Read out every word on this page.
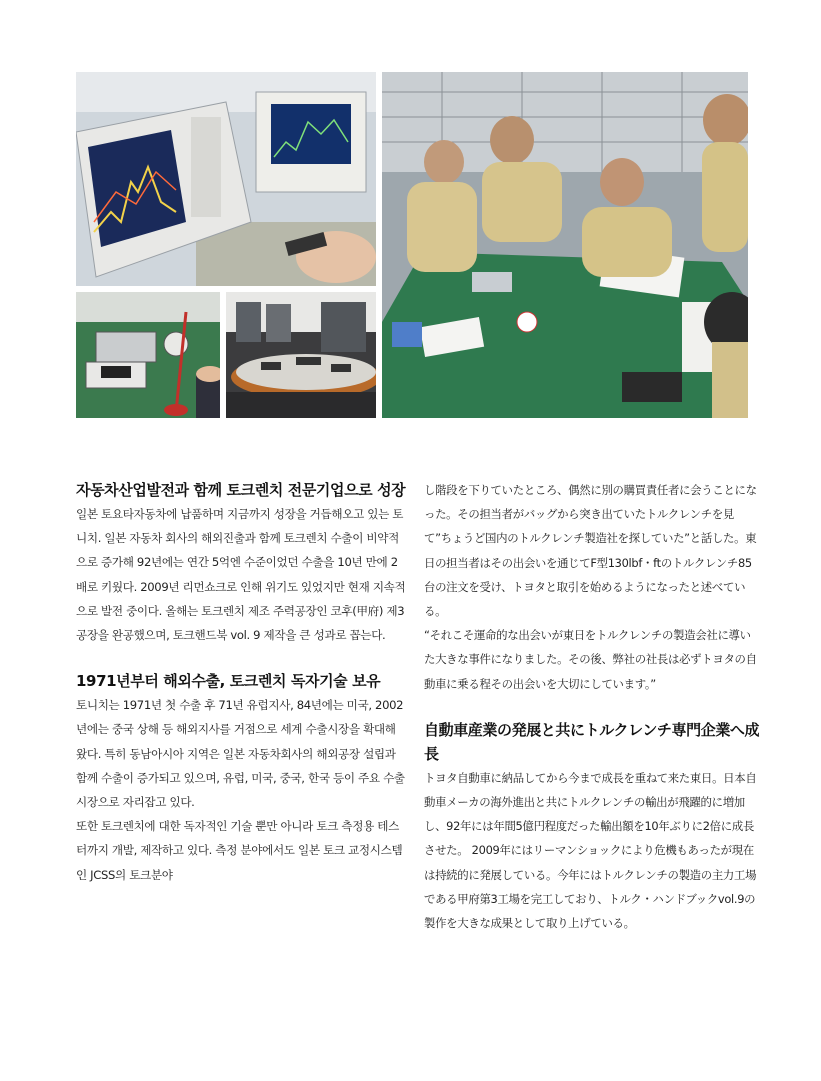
자동차산업발전과 함께 토크렌치 전문기업으로 성장

일본 토요타자동차에 납품하며 지금까지 성장을 거듭해오고 있는 토니치. 일본 자동차 회사의 해외진출과 함께 토크렌치 수출이 비약적으로 증가해 92년에는 연간 5억엔 수준이었던 수출을 10년 만에 2배로 키웠다. 2009년 리먼쇼크로 인해 위기도 있었지만 현재 지속적으로 발전 중이다. 올해는 토크렌치 제조 주력공장인 코후(甲府) 제3공장을 완공했으며, 토크핸드북 vol. 9 제작을 큰 성과로 꼽는다.

1971년부터 해외수출, 토크렌치 독자기술 보유

토니치는 1971년 첫 수출 후 71년 유럽지사, 84년에는 미국, 2002년에는 중국 상해 등 해외지사를 거점으로 세계 수출시장을 확대해 왔다. 특히 동남아시아 지역은 일본 자동차회사의 해외공장 설립과 함께 수출이 증가되고 있으며, 유럽, 미국, 중국, 한국 등이 주요 수출시장으로 자리잡고 있다.

또한 토크렌치에 대한 독자적인 기술 뿐만 아니라 토크 측정용 테스터까지 개발, 제작하고 있다. 측정 분야에서도 일본 토크 교정시스템인 JCSS의 토크분야

し階段を下りていたところ、偶然に別の購買責任者に会うことになった。その担当者がバッグから突き出ていたトルクレンチを見て”ちょうど国内のトルクレンチ製造社を探していた”と話した。東日の担当者はその出会いを通じてF型130lbf・ftのトルクレンチ85台の注文を受け、トヨタと取引を始めるようになったと述べている。

“それこそ運命的な出会いが東日をトルクレンチの製造会社に導いた大きな事件になりました。その後、弊社の社長は必ずトヨタの自動車に乗る程その出会いを大切にしています。”

自動車産業の発展と共にトルクレンチ専門企業へ成長

トヨタ自動車に納品してから今まで成長を重ねて来た東日。日本自動車メーカの海外進出と共にトルクレンチの輸出が飛躍的に増加し、92年には年間5億円程度だった輸出額を10年ぶりに2倍に成長させた。 2009年にはリーマンショックにより危機もあったが現在は持続的に発展している。今年にはトルクレンチの製造の主力工場である甲府第3工場を完工しており、トルク・ハンドブックvol.9の製作を大きな成果として取り上げている。
